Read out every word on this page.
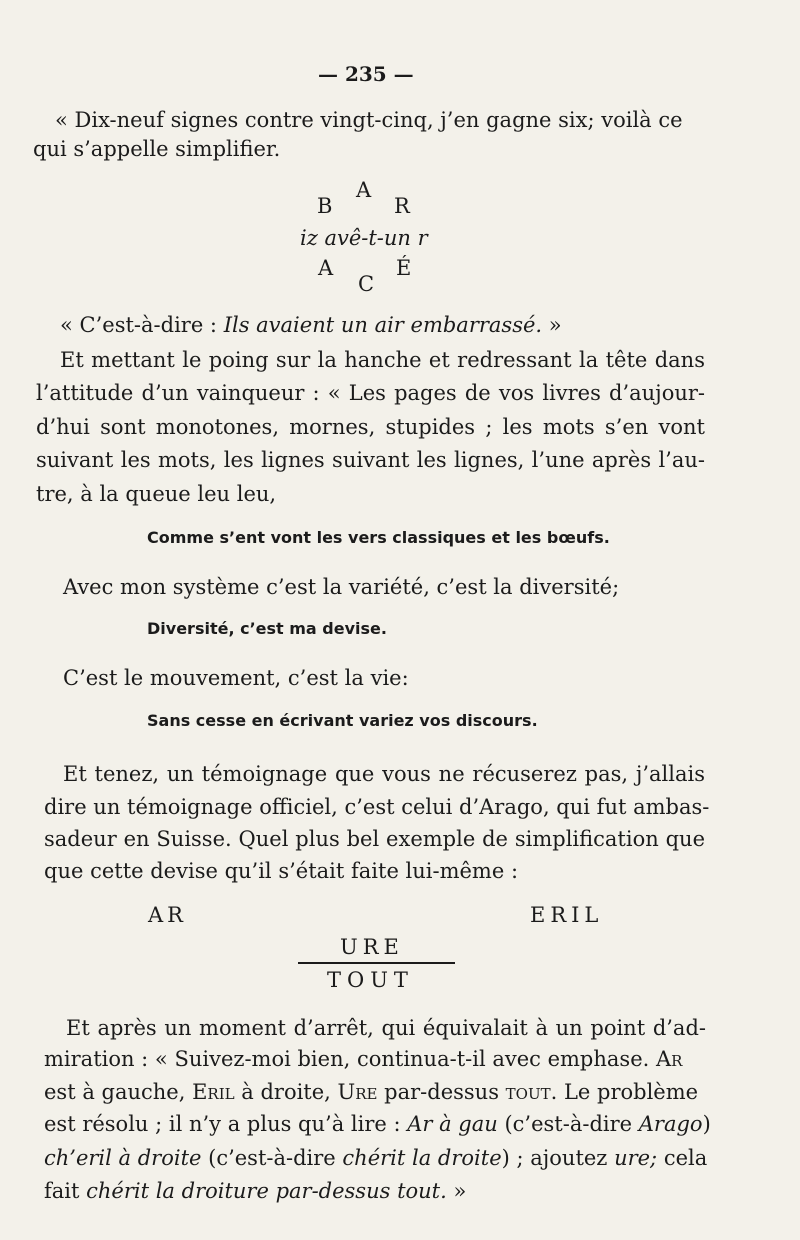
— 235 —
« Dix-neuf signes contre vingt-cinq, j’en gagne six; voilà ce
qui s’appelle simplifier.
A
B	R
iz avê-t-un r
A	É
C
« C’est-à-dire : Ils avaient un air embarrassé. »
Et mettant le poing sur la hanche et redressant la tête dans
l’attitude d’un vainqueur : « Les pages de vos livres d’aujour-
d’hui sont monotones, mornes, stupides ; les mots s’en vont
suivant les mots, les lignes suivant les lignes, l’une après l’au-
tre, à la queue leu leu,
Comme s’ent vont les vers classiques et les bœufs.
Avec mon système c’est la variété, c’est la diversité;
Diversité, c’est ma devise.
C’est le mouvement, c’est la vie:
Sans cesse en écrivant variez vos discours.
Et tenez, un témoignage que vous ne récuserez pas, j’allais
dire un témoignage officiel, c’est celui d’Arago, qui fut ambas-
sadeur en Suisse. Quel plus bel exemple de simplification que
que cette devise qu’il s’était faite lui-même :
AR	ERIL
URE
TOUT
Et après un moment d’arrêt, qui équivalait à un point d’ad-
miration : « Suivez-moi bien, continua-t-il avec emphase. Ar
est à gauche, Eril à droite, Ure par-dessus tout. Le problème
est résolu ; il n’y a plus qu’à lire : Ar à gau (c’est-à-dire Arago)
ch’eril à droite (c’est-à-dire chérit la droite) ; ajoutez ure; cela
fait chérit la droiture par-dessus tout. »
